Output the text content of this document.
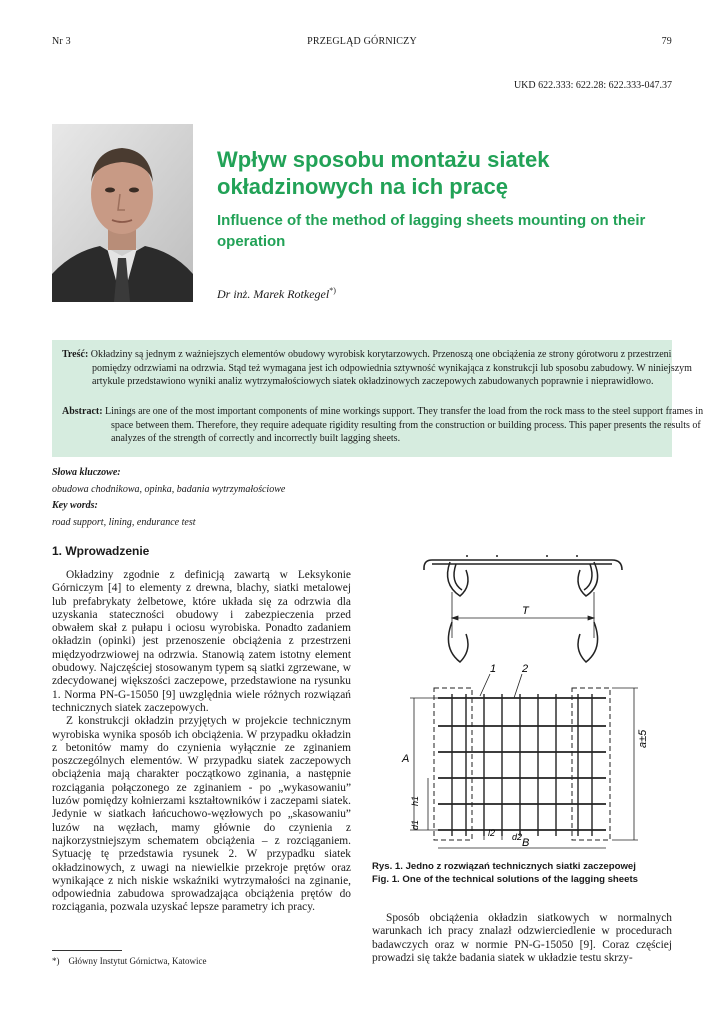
Nr 3	PRZEGLĄD GÓRNICZY	79
UKD 622.333: 622.28: 622.333-047.37
Wpływ sposobu montażu siatek okładzinowych na ich pracę
Influence of the method of lagging sheets mounting on their operation
Dr inż. Marek Rotkegel*)
Treść: Okładziny są jednym z ważniejszych elementów obudowy wyrobisk korytarzowych. Przenoszą one obciążenia ze strony górotworu z przestrzeni pomiędzy odrzwiami na odrzwia. Stąd też wymagana jest ich odpowiednia sztywność wynikająca z konstrukcji lub sposobu zabudowy. W niniejszym artykule przedstawiono wyniki analiz wytrzymałościowych siatek okładzinowych zaczepowych zabudowanych poprawnie i nieprawidłowo.
Abstract: Linings are one of the most important components of mine workings support. They transfer the load from the rock mass to the steel support frames in space between them. Therefore, they require adequate rigidity resulting from the construction or building process. This paper presents the results of analyzes of the strength of correctly and incorrectly built lagging sheets.
Słowa kluczowe:
obudowa chodnikowa, opinka, badania wytrzymałościowe
Key words:
road support, lining, endurance test
1. Wprowadzenie

Okładziny zgodnie z definicją zawartą w Leksykonie Górniczym [4] to elementy z drewna, blachy, siatki metalowej lub prefabrykaty żelbetowe, które układa się za odrzwia dla uzyskania stateczności obudowy i zabezpieczenia przed obwałem skał z pułapu i ociosu wyrobiska. Ponadto zadaniem okładzin (opinki) jest przenoszenie obciążenia z przestrzeni międzyodrzwiowej na odrzwia. Stanowią zatem istotny element obudowy. Najczęściej stosowanym typem są siatki zgrzewane, w zdecydowanej większości zaczepowe, przedstawione na rysunku 1. Norma PN-G-15050 [9] uwzględnia wiele różnych rozwiązań technicznych siatek zaczepowych.

Z konstrukcji okładzin przyjętych w projekcie technicznym wyrobiska wynika sposób ich obciążenia. W przypadku okładzin z betonitów mamy do czynienia wyłącznie ze zginaniem poszczególnych elementów. W przypadku siatek zaczepowych obciążenia mają charakter początkowo zginania, a następnie rozciągania połączonego ze zginaniem - po „wykasowaniu” luzów pomiędzy kołnierzami kształtowników i zaczepami siatek. Jedynie w siatkach łańcuchowo-węzłowych po „skasowaniu” luzów na węzłach, mamy głównie do czynienia z najkorzystniejszym schematem obciążenia – z rozciąganiem. Sytuację tę przedstawia rysunek 2. W przypadku siatek okładzinowych, z uwagi na niewielkie przekroje prętów oraz wynikające z nich niskie wskaźniki wytrzymałości na zginanie, odpowiednia zabudowa sprowadzająca obciążenia prętów do rozciągania, pozwala uzyskać lepsze parametry ich pracy.

*) Główny Instytut Górnictwa, Katowice
T
1 2
A
a±5
h1
d1
l2 d2 B
Rys. 1. Jedno z rozwiązań technicznych siatki zaczepowej
Fig. 1. One of the technical solutions of the lagging sheets

Sposób obciążenia okładzin siatkowych w normalnych warunkach ich pracy znalazł odzwierciedlenie w procedurach badawczych oraz w normie PN-G-15050 [9]. Coraz częściej prowadzi się także badania siatek w układzie testu skrzy-
